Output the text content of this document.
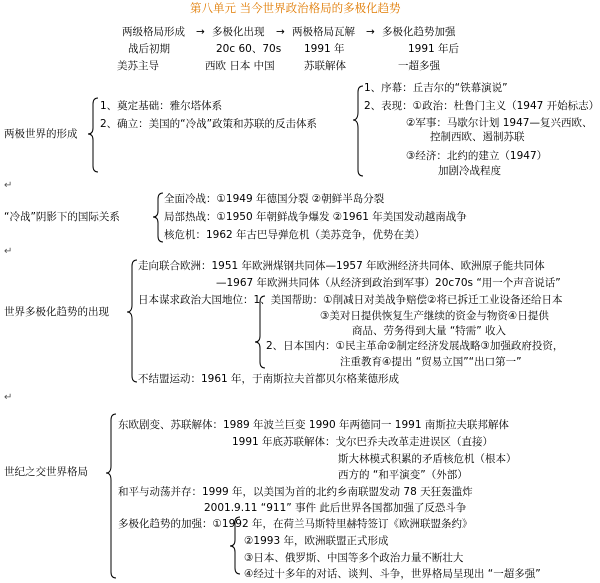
第八单元 当今世界政治格局的多极化趋势
两级格局形成 → 多极化出现 → 两极格局瓦解 → 多极化趋势加强
战后初期	20c 60、70s 1991 年	1991 年后
美苏主导	西欧 日本 中国	苏联解体	一超多强
两极世界的形成
1、奠定基础：雅尔塔体系
2、确立：美国的“冷战”政策和苏联的反击体系
1、序幕：丘吉尔的“铁幕演说”
2、表现：①政治：杜鲁门主义（1947 开始标志）
②军事：马歇尔计划 1947—复兴西欧、
控制西欧、遏制苏联
③经济：北约的建立（1947）
加剧冷战程度
↵
“冷战”阴影下的国际关系
全面冷战：①1949 年德国分裂 ②朝鲜半岛分裂
局部热战：①1950 年朝鲜战争爆发 ②1961 年美国发动越南战争
核危机：1962 年古巴导弹危机（美苏竞争，优势在美）
↵
世界多极化趋势的出现
走向联合欧洲：1951 年欧洲煤钢共同体—1957 年欧洲经济共同体、欧洲原子能共同体
—1967 年欧洲共同体（从经济到政治到军事）20c70s “用一个声音说话”
日本谋求政治大国地位：1、美国帮助：①削减日对美战争赔偿②将已拆迁工业设备还给日本
③美对日提供恢复生产继续的资金与物资④日提供
商品、劳务得到大量 “特需” 收入
2、日本国内：①民主革命②制定经济发展战略③加强政府投资，
注重教育④提出 “贸易立国”“出口第一”
不结盟运动：1961 年，于南斯拉夫首都贝尔格莱德形成
↵
世纪之交世界格局
东欧剧变、苏联解体：1989 年波兰巨变 1990 年两德同一 1991 南斯拉夫联邦解体
1991 年底苏联解体：戈尔巴乔夫改革走进误区（直接）
斯大林模式积累的矛盾核危机（根本）
西方的 “和平演变”（外部）
和平与动荡并存：1999 年，以美国为首的北约乡南联盟发动 78 天狂轰滥炸
2001.9.11 “911” 事件 此后世界各国都加强了反恐斗争
多极化趋势的加强：①1992 年，在荷兰马斯特里赫特签订《欧洲联盟条约》
②1993 年，欧洲联盟正式形成
③日本、俄罗斯、中国等多个政治力量不断壮大
④经过十多年的对话、谈判、斗争，世界格局呈现出 “一超多强”
